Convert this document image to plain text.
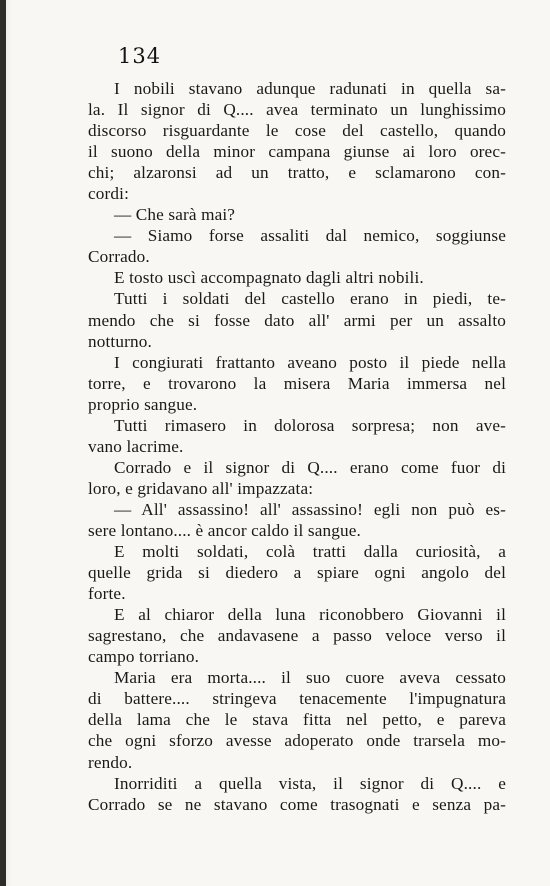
134
I nobili stavano adunque radunati in quella sa-
la. Il signor di Q.... avea terminato un lunghissimo
discorso risguardante le cose del castello, quando
il suono della minor campana giunse ai loro orec-
chi; alzaronsi ad un tratto, e sclamarono con-
cordi:
— Che sarà mai?
— Siamo forse assaliti dal nemico, soggiunse
Corrado.
E tosto uscì accompagnato dagli altri nobili.
Tutti i soldati del castello erano in piedi, te-
mendo che si fosse dato all' armi per un assalto
notturno.
I congiurati frattanto aveano posto il piede nella
torre, e trovarono la misera Maria immersa nel
proprio sangue.
Tutti rimasero in dolorosa sorpresa; non ave-
vano lacrime.
Corrado e il signor di Q.... erano come fuor di
loro, e gridavano all' impazzata:
— All' assassino! all' assassino! egli non può es-
sere lontano.... è ancor caldo il sangue.
E molti soldati, colà tratti dalla curiosità, a
quelle grida si diedero a spiare ogni angolo del
forte.
E al chiaror della luna riconobbero Giovanni il
sagrestano, che andavasene a passo veloce verso il
campo torriano.
Maria era morta.... il suo cuore aveva cessato
di battere.... stringeva tenacemente l'impugnatura
della lama che le stava fitta nel petto, e pareva
che ogni sforzo avesse adoperato onde trarsela mo-
rendo.
Inorriditi a quella vista, il signor di Q.... e
Corrado se ne stavano come trasognati e senza pa-
